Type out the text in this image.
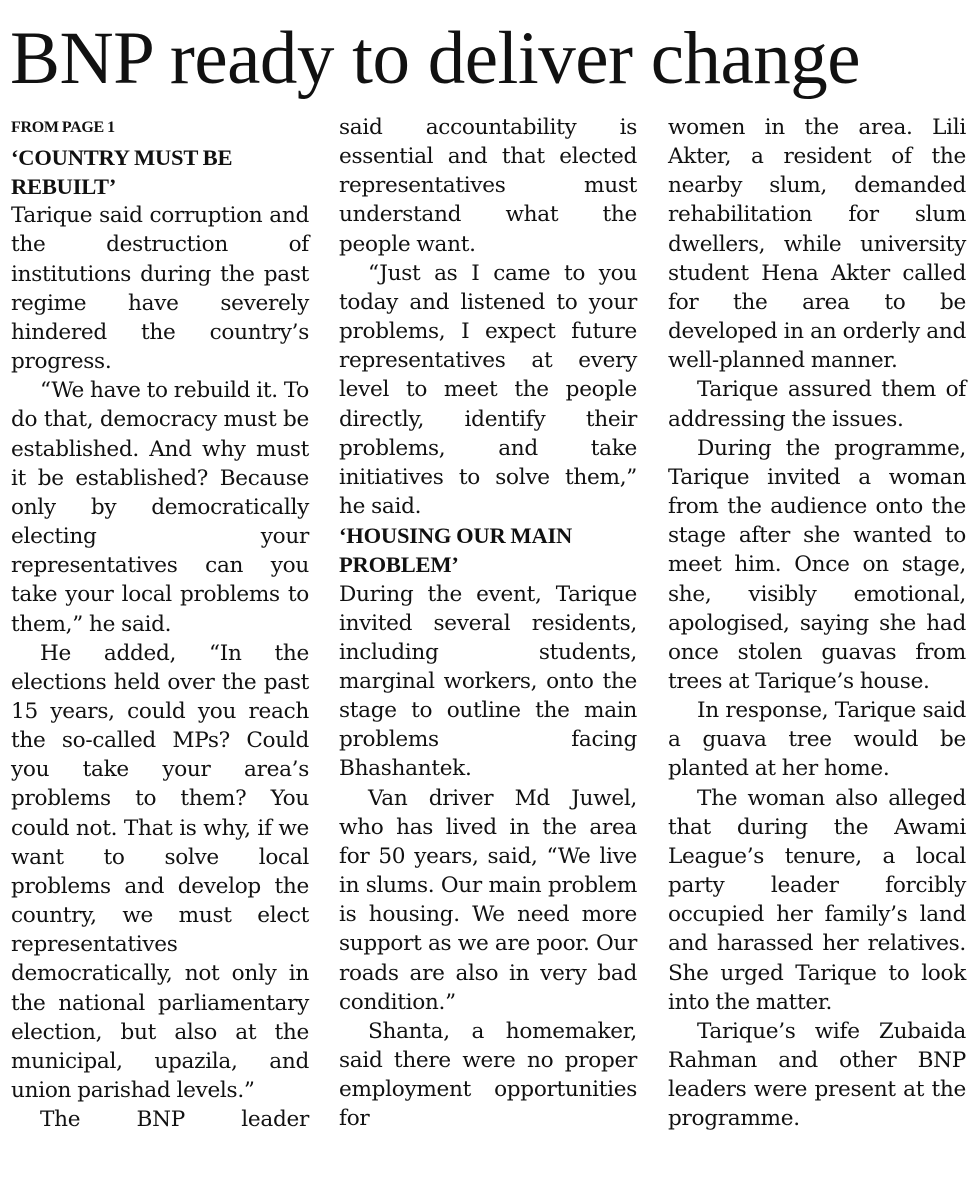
BNP ready to deliver change
FROM PAGE 1
‘COUNTRY MUST BE REBUILT’

Tarique said corruption and the destruction of institutions during the past regime have severely hindered the country’s progress.

“We have to rebuild it. To do that, democracy must be established. And why must it be established? Because only by democratically electing your representatives can you take your local problems to them,” he said.

He added, “In the elections held over the past 15 years, could you reach the so-called MPs? Could you take your area’s problems to them? You could not. That is why, if we want to solve local problems and develop the country, we must elect representatives democratically, not only in the national parliamentary election, but also at the municipal, upazila, and union parishad levels.”

The BNP leader

said accountability is essential and that elected representatives must understand what the people want.

“Just as I came to you today and listened to your problems, I expect future representatives at every level to meet the people directly, identify their problems, and take initiatives to solve them,” he said.

‘HOUSING OUR MAIN PROBLEM’

During the event, Tarique invited several residents, including students, marginal workers, onto the stage to outline the main problems facing Bhashantek.

Van driver Md Juwel, who has lived in the area for 50 years, said, “We live in slums. Our main problem is housing. We need more support as we are poor. Our roads are also in very bad condition.”

Shanta, a homemaker, said there were no proper employment opportunities for

women in the area. Lili Akter, a resident of the nearby slum, demanded rehabilitation for slum dwellers, while university student Hena Akter called for the area to be developed in an orderly and well-planned manner.

Tarique assured them of addressing the issues.

During the programme, Tarique invited a woman from the audience onto the stage after she wanted to meet him. Once on stage, she, visibly emotional, apologised, saying she had once stolen guavas from trees at Tarique’s house.

In response, Tarique said a guava tree would be planted at her home.

The woman also alleged that during the Awami League’s tenure, a local party leader forcibly occupied her family’s land and harassed her relatives. She urged Tarique to look into the matter.

Tarique’s wife Zubaida Rahman and other BNP leaders were present at the programme.
